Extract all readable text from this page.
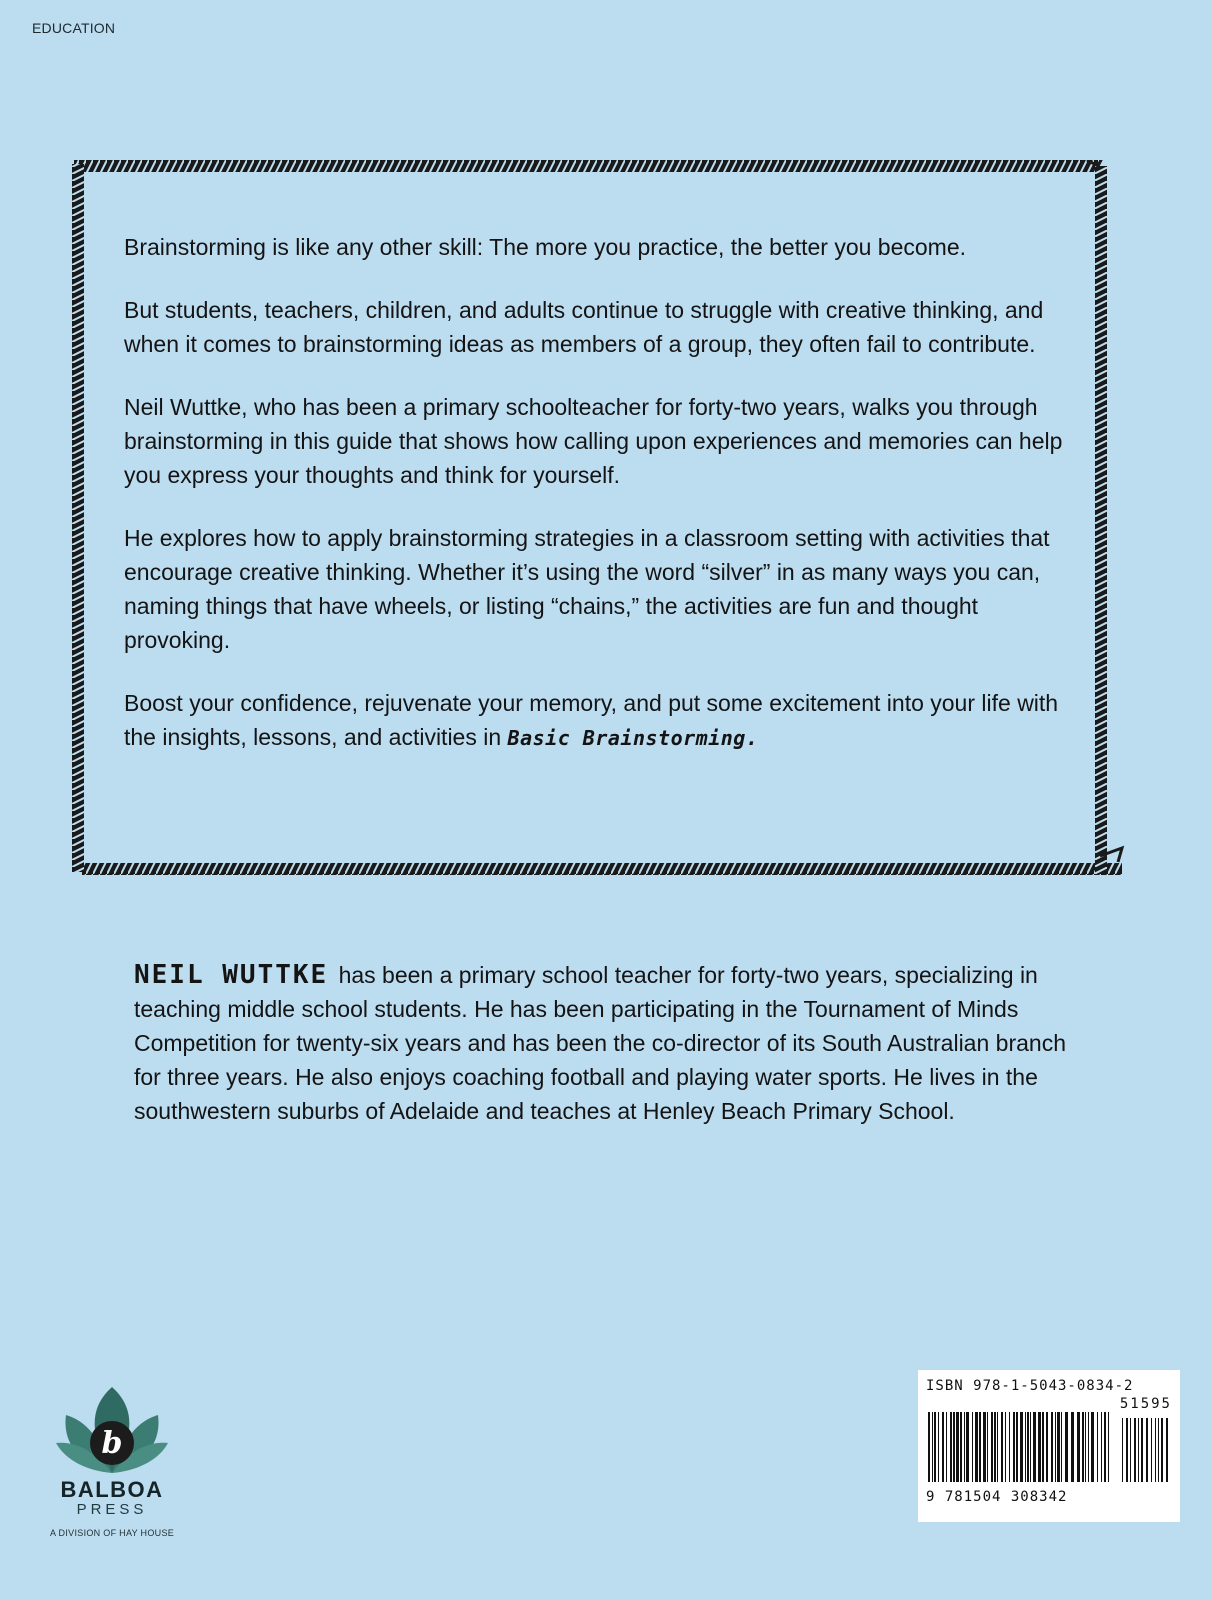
EDUCATION

Brainstorming is like any other skill: The more you practice, the better you become.

But students, teachers, children, and adults continue to struggle with creative thinking, and when it comes to brainstorming ideas as members of a group, they often fail to contribute.

Neil Wuttke, who has been a primary schoolteacher for forty-two years, walks you through brainstorming in this guide that shows how calling upon experiences and memories can help you express your thoughts and think for yourself.

He explores how to apply brainstorming strategies in a classroom setting with activities that encourage creative thinking. Whether it’s using the word “silver” in as many ways you can, naming things that have wheels, or listing “chains,” the activities are fun and thought provoking.

Boost your confidence, rejuvenate your memory, and put some excitement into your life with the insights, lessons, and activities in Basic Brainstorming.

NEIL WUTTKE has been a primary school teacher for forty-two years, specializing in teaching middle school students. He has been participating in the Tournament of Minds Competition for twenty-six years and has been the co-director of its South Australian branch for three years. He also enjoys coaching football and playing water sports. He lives in the southwestern suburbs of Adelaide and teaches at Henley Beach Primary School.
b
BALBOA
PRESS
A DIVISION OF HAY HOUSE
ISBN 978-1-5043-0834-2
51595
9 781504 308342
